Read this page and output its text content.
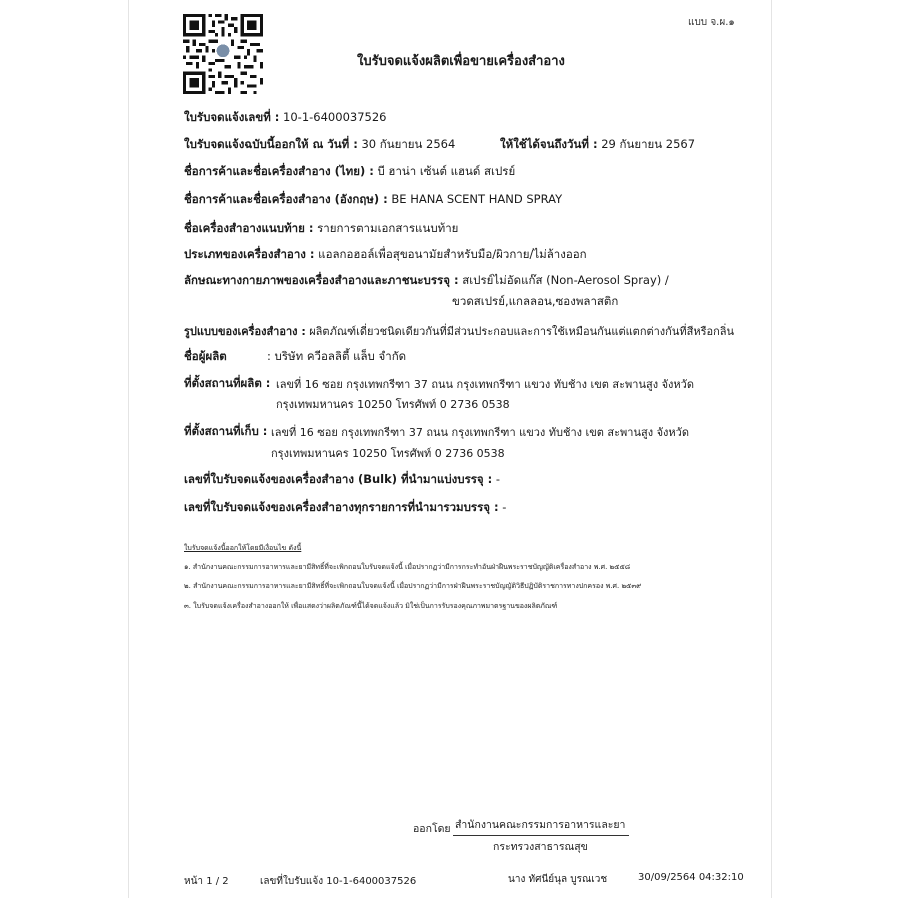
แบบ จ.ผ.๑
ใบรับจดแจ้งผลิตเพื่อขายเครื่องสำอาง
ใบรับจดแจ้งเลขที่ : 10-1-6400037526
ใบรับจดแจ้งฉบับนี้ออกให้ ณ วันที่ : 30 กันยายน 2564	ให้ใช้ได้จนถึงวันที่ : 29 กันยายน 2567
ชื่อการค้าและชื่อเครื่องสำอาง (ไทย) : บี ฮาน่า เซ้นต์ แฮนด์ สเปรย์
ชื่อการค้าและชื่อเครื่องสำอาง (อังกฤษ) : BE HANA SCENT HAND SPRAY
ชื่อเครื่องสำอางแนบท้าย : รายการตามเอกสารแนบท้าย
ประเภทของเครื่องสำอาง : แอลกอฮอล์เพื่อสุขอนามัยสำหรับมือ/ผิวกาย/ไม่ล้างออก
ลักษณะทางกายภาพของเครื่องสำอางและภาชนะบรรจุ : สเปรย์ไม่อัดแก๊ส (Non-Aerosol Spray) /
ขวดสเปรย์,แกลลอน,ซองพลาสติก
รูปแบบของเครื่องสำอาง : ผลิตภัณฑ์เดี่ยวชนิดเดียวกันที่มีส่วนประกอบและการใช้เหมือนกันแต่แตกต่างกันที่สีหรือกลิ่น
ชื่อผู้ผลิต	: บริษัท ควีอลลิตี้ แล็บ จำกัด
ที่ตั้งสถานที่ผลิต : เลขที่ 16 ซอย กรุงเทพกรีฑา 37 ถนน กรุงเทพกรีฑา แขวง ทับช้าง เขต สะพานสูง จังหวัด
กรุงเทพมหานคร 10250 โทรศัพท์ 0 2736 0538
ที่ตั้งสถานที่เก็บ : เลขที่ 16 ซอย กรุงเทพกรีฑา 37 ถนน กรุงเทพกรีฑา แขวง ทับช้าง เขต สะพานสูง จังหวัด
กรุงเทพมหานคร 10250 โทรศัพท์ 0 2736 0538
เลขที่ใบรับจดแจ้งของเครื่องสำอาง (Bulk) ที่นำมาแบ่งบรรจุ : -
เลขที่ใบรับจดแจ้งของเครื่องสำอางทุกรายการที่นำมารวมบรรจุ : -
ใบรับจดแจ้งนี้ออกให้โดยมีเงื่อนไข ดังนี้
๑. สำนักงานคณะกรรมการอาหารและยามีสิทธิ์ที่จะเพิกถอนใบรับจดแจ้งนี้ เมื่อปรากฏว่ามีการกระทำอันฝ่าฝืนพระราชบัญญัติเครื่องสำอาง พ.ศ. ๒๕๕๘
๒. สำนักงานคณะกรรมการอาหารและยามีสิทธิ์ที่จะเพิกถอนใบจดแจ้งนี้ เมื่อปรากฏว่ามีการฝ่าฝืนพระราชบัญญัติวิธีปฏิบัติราชการทางปกครอง พ.ศ. ๒๕๓๙
๓. ใบรับจดแจ้งเครื่องสำอางออกให้ เพื่อแสดงว่าผลิตภัณฑ์นี้ได้จดแจ้งแล้ว มิใช่เป็นการรับรองคุณภาพมาตรฐานของผลิตภัณฑ์
ออกโดย สำนักงานคณะกรรมการอาหารและยา
กระทรวงสาธารณสุข
หน้า 1 / 2	เลขที่ใบรับแจ้ง 10-1-6400037526	นาง ทัศนีย์นุล บูรณเวช	30/09/2564 04:32:10
